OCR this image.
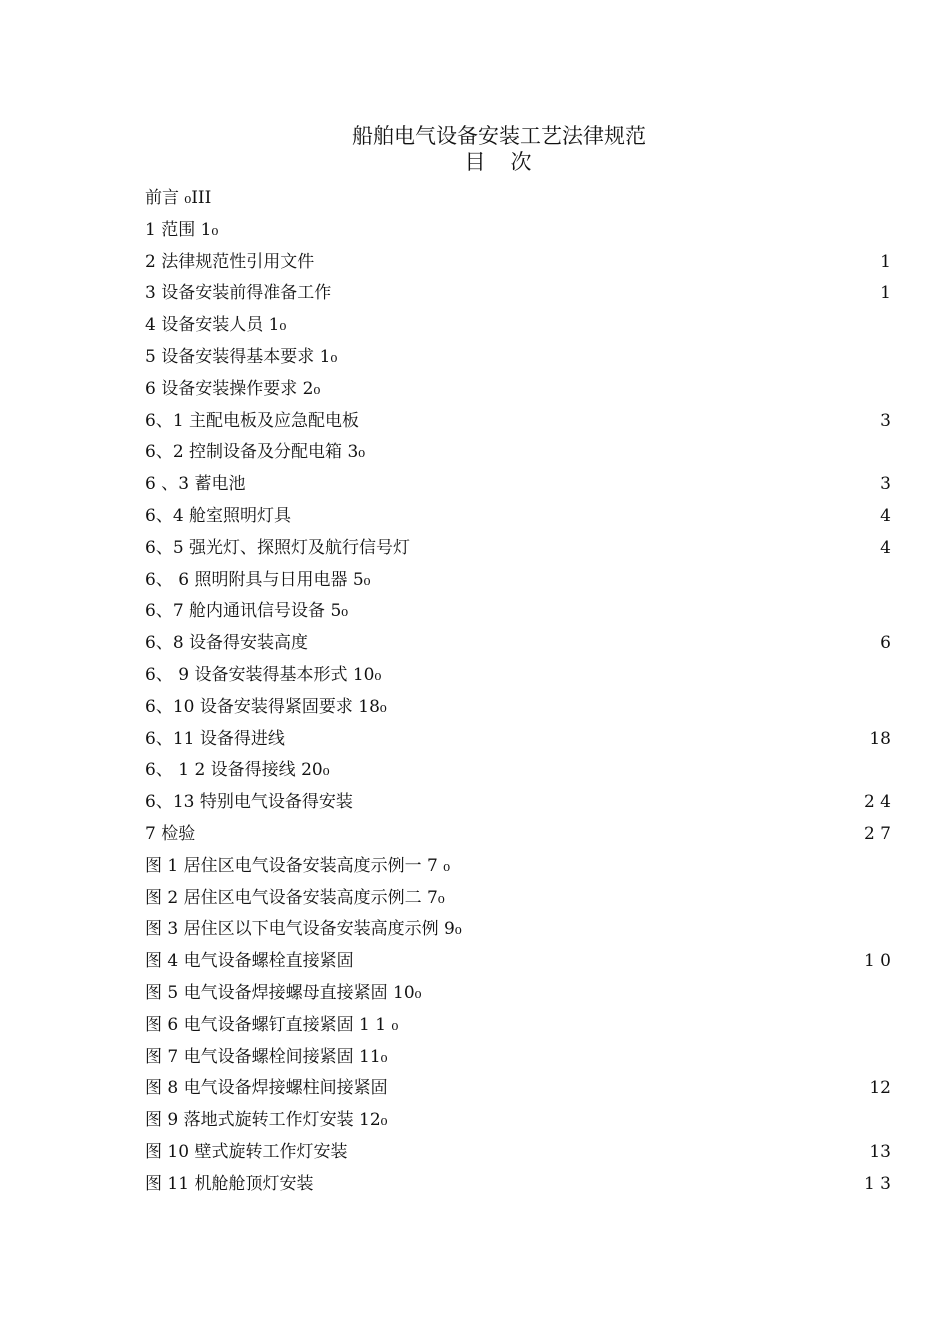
船舶电气设备安装工艺法律规范
目　次
前言 ₀III
1 范围 1₀
2 法律规范性引用文件	1
3 设备安装前得准备工作	1
4 设备安装人员 1₀
5 设备安装得基本要求 1₀
6 设备安装操作要求 2₀
6、1 主配电板及应急配电板	3
6、2 控制设备及分配电箱 3₀
6 、3 蓄电池	3
6、4 舱室照明灯具	4
6、5 强光灯、探照灯及航行信号灯	4
6、 6 照明附具与日用电器 5₀
6、7 舱内通讯信号设备 5₀
6、8 设备得安装高度	6
6、 9 设备安装得基本形式 10₀
6、10 设备安装得紧固要求 18₀
6、11 设备得进线	18
6、 1 2 设备得接线 20₀
6、13 特别电气设备得安装	2 4
7 检验	2 7
图 1 居住区电气设备安装高度示例一 7 ₀
图 2 居住区电气设备安装高度示例二 7₀
图 3 居住区以下电气设备安装高度示例 9₀
图 4 电气设备螺栓直接紧固	1 0
图 5 电气设备焊接螺母直接紧固 10₀
图 6 电气设备螺钉直接紧固 1 1 ₀
图 7 电气设备螺栓间接紧固 11₀
图 8 电气设备焊接螺柱间接紧固	12
图 9 落地式旋转工作灯安装 12₀
图 10 壁式旋转工作灯安装	13
图 11 机舱舱顶灯安装	1 3
